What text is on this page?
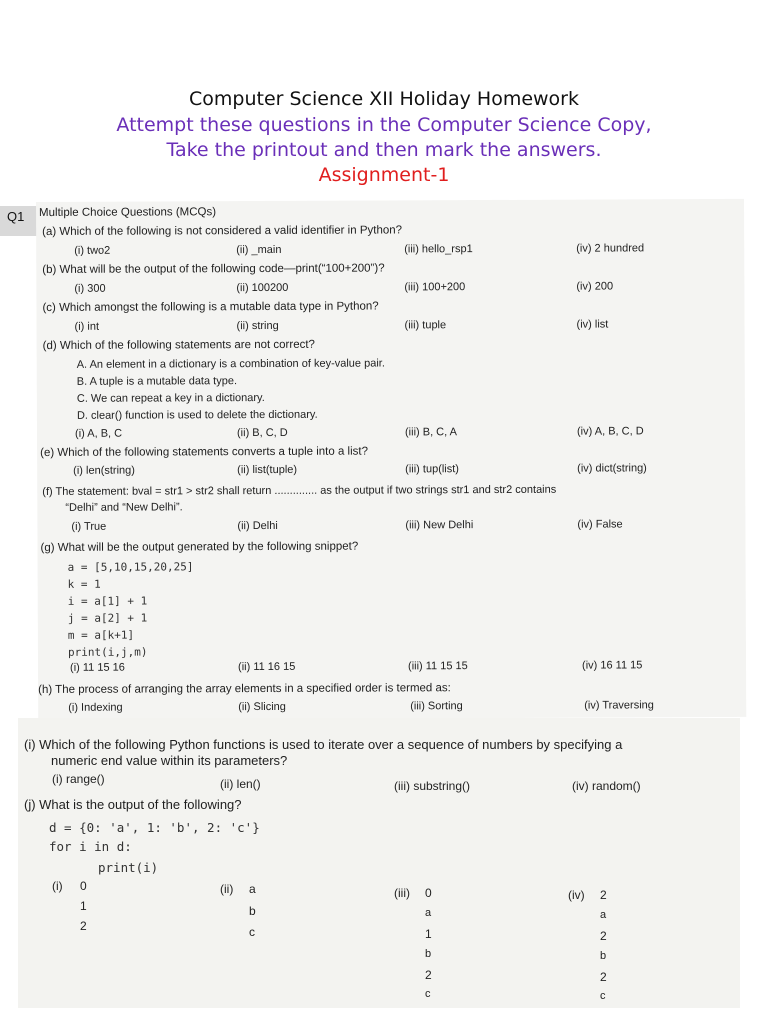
Computer Science XII Holiday Homework
Attempt these questions in the Computer Science Copy,
Take the printout and then mark the answers.
Assignment-1
Q1	Multiple Choice Questions (MCQs)
(a) Which of the following is not considered a valid identifier in Python?
(i) two2	(ii) _main	(iii) hello_rsp1	(iv) 2 hundred
(b) What will be the output of the following code—print(“100+200”)?
(i) 300	(ii) 100200	(iii) 100+200	(iv) 200
(c) Which amongst the following is a mutable data type in Python?
(i) int	(ii) string	(iii) tuple	(iv) list
(d) Which of the following statements are not correct?
A. An element in a dictionary is a combination of key-value pair.
B. A tuple is a mutable data type.
C. We can repeat a key in a dictionary.
D. clear() function is used to delete the dictionary.
(i) A, B, C	(ii) B, C, D	(iii) B, C, A	(iv) A, B, C, D
(e) Which of the following statements converts a tuple into a list?
(i) len(string)	(ii) list(tuple)	(iii) tup(list)	(iv) dict(string)
(f) The statement: bval = str1 > str2 shall return .............. as the output if two strings str1 and str2 contains
“Delhi” and “New Delhi”.
(i) True	(ii) Delhi	(iii) New Delhi	(iv) False
(g) What will be the output generated by the following snippet?
a = [5,10,15,20,25]
k = 1
i = a[1] + 1
j = a[2] + 1
m = a[k+1]
print(i,j,m)
(i) 11 15 16	(ii) 11 16 15	(iii) 11 15 15	(iv) 16 11 15
(h) The process of arranging the array elements in a specified order is termed as:
(i) Indexing	(ii) Slicing	(iii) Sorting	(iv) Traversing
(i) Which of the following Python functions is used to iterate over a sequence of numbers by specifying a
numeric end value within its parameters?
(i) range()	(ii) len()	(iii) substring()	(iv) random()
(j) What is the output of the following?
d = {0: 'a', 1: 'b', 2: 'c'}
for i in d:
print(i)
(i) 0
1
2
(ii) a
b
c
(iii) 0
a
1
b
2
c
(iv) 2
a
2
b
2
c
